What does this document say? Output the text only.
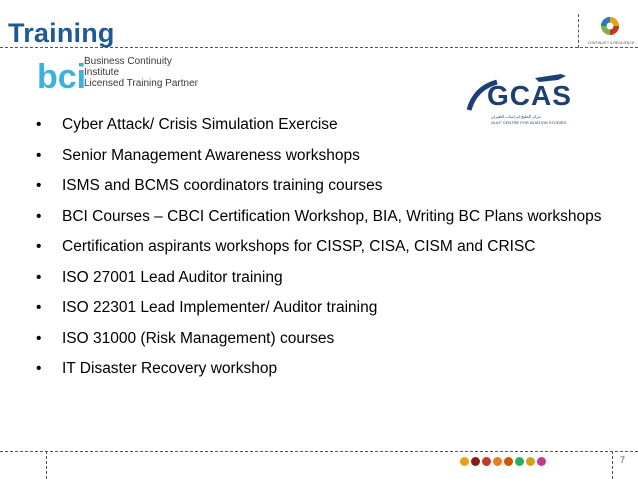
Training	CONTINUITY & RESILIENCE
bci
Business Continuity
Institute
Licensed Training Partner	GCAS
مركز الخليج لدراسات الطيران
GULF CENTRE FOR AVIATION STUDIES
• Cyber Attack/ Crisis Simulation Exercise
• Senior Management Awareness workshops
• ISMS and BCMS coordinators training courses
• BCI Courses – CBCI Certification Workshop, BIA, Writing BC Plans workshops
• Certification aspirants workshops for CISSP, CISA, CISM and CRISC
• ISO 27001 Lead Auditor training
• ISO 22301 Lead Implementer/ Auditor training
• ISO 31000 (Risk Management) courses
• IT Disaster Recovery workshop
7
